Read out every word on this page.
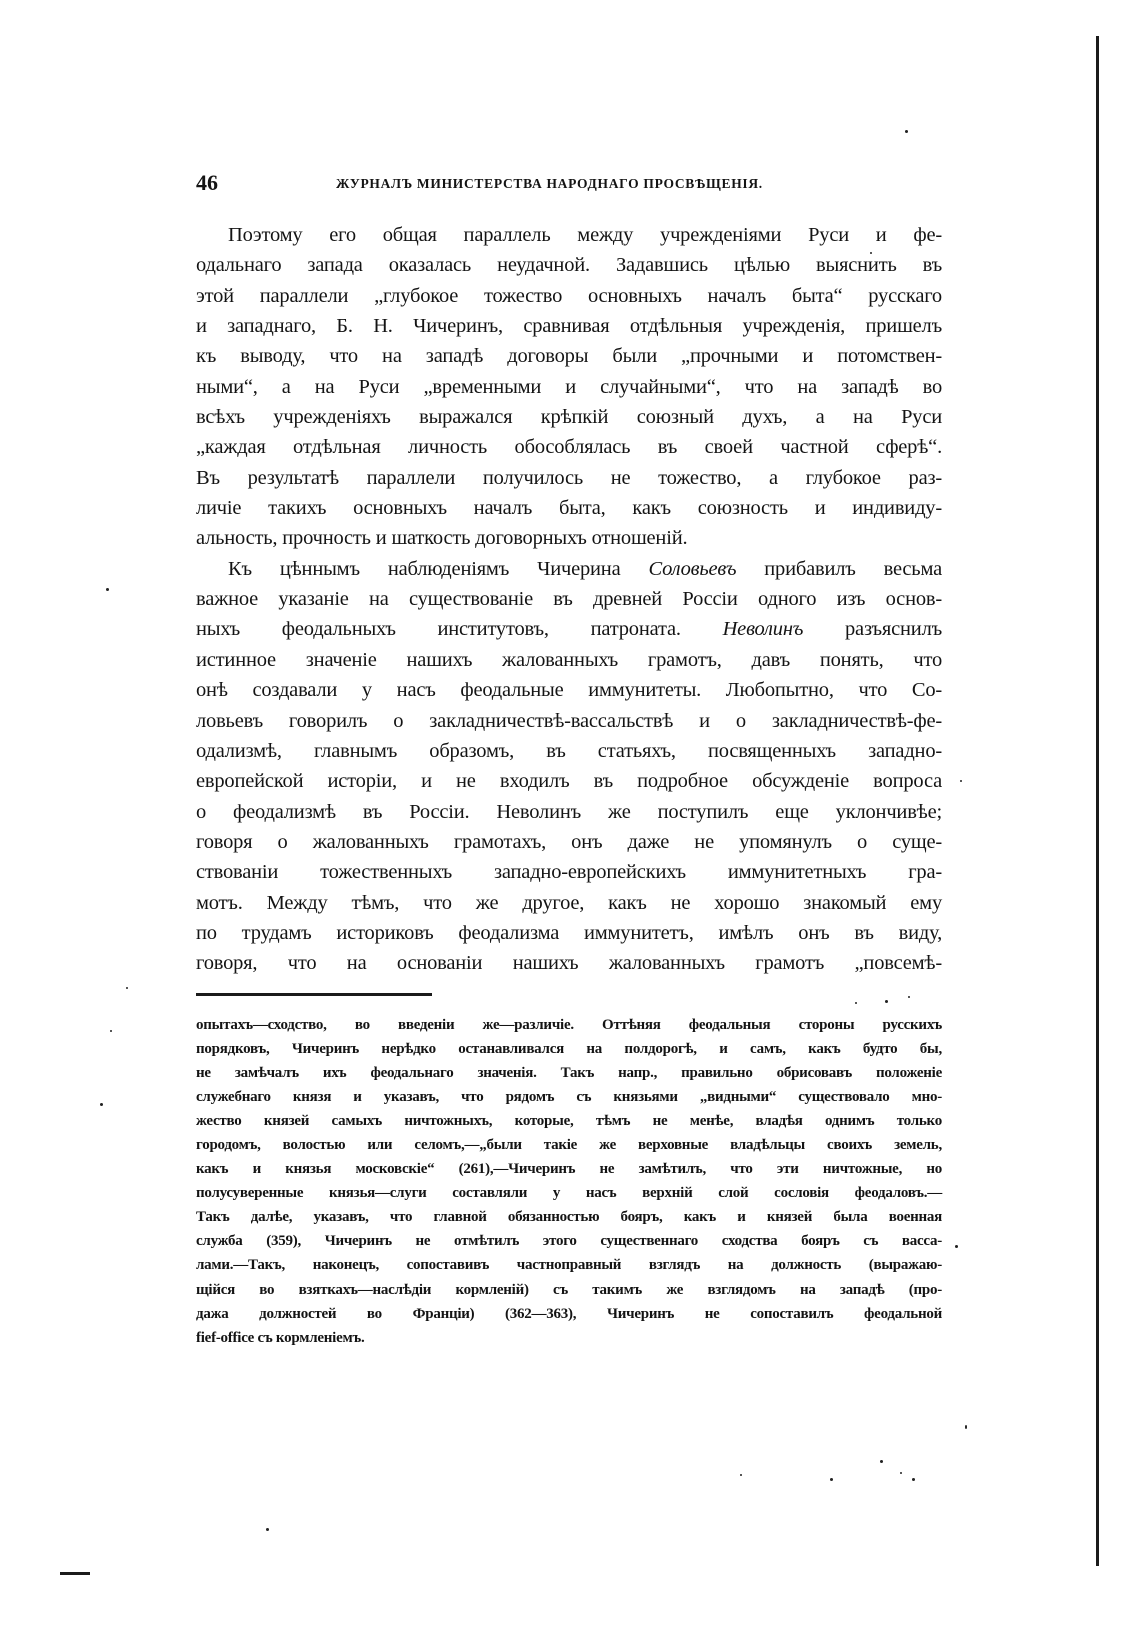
46	ЖУРНАЛЪ МИНИСТЕРСТВА НАРОДНАГО ПРОСВѢЩЕНІЯ.
Поэтому его общая параллель между учрежденіями Руси и фе-
одальнаго запада оказалась неудачной. Задавшись цѣлью выяснить въ
этой параллели „глубокое тожество основныхъ началъ быта“ русскаго
и западнаго, Б. Н. Чичеринъ, сравнивая отдѣльныя учрежденія, пришелъ
къ выводу, что на западѣ договоры были „прочными и потомствен-
ными“, а на Руси „временными и случайными“, что на западѣ во
всѣхъ учрежденіяхъ выражался крѣпкій союзный духъ, а на Руси
„каждая отдѣльная личность обособлялась въ своей частной сферѣ“.
Въ результатѣ параллели получилось не тожество, а глубокое раз-
личіе такихъ основныхъ началъ быта, какъ союзность и индивиду-
альность, прочность и шаткость договорныхъ отношеній.
Къ цѣннымъ наблюденіямъ Чичерина Соловьевъ прибавилъ весьма
важное указаніе на существованіе въ древней Россіи одного изъ основ-
ныхъ феодальныхъ институтовъ, патроната. Неволинъ разъяснилъ
истинное значеніе нашихъ жалованныхъ грамотъ, давъ понять, что
онѣ создавали у насъ феодальные иммунитеты. Любопытно, что Со-
ловьевъ говорилъ о закладничествѣ-вассальствѣ и о закладничествѣ-фе-
одализмѣ, главнымъ образомъ, въ статьяхъ, посвященныхъ западно-
европейской исторіи, и не входилъ въ подробное обсужденіе вопроса
о феодализмѣ въ Россіи. Неволинъ же поступилъ еще уклончивѣе;
говоря о жалованныхъ грамотахъ, онъ даже не упомянулъ о суще-
ствованіи тожественныхъ западно-европейскихъ иммунитетныхъ гра-
мотъ. Между тѣмъ, что же другое, какъ не хорошо знакомый ему
по трудамъ историковъ феодализма иммунитетъ, имѣлъ онъ въ виду,
говоря, что на основаніи нашихъ жалованныхъ грамотъ „повсемѣ-
опытахъ—сходство, во введеніи же—различіе. Оттѣняя феодальныя стороны русскихъ
порядковъ, Чичеринъ нерѣдко останавливался на полдорогѣ, и самъ, какъ будто бы,
не замѣчалъ ихъ феодальнаго значенія. Такъ напр., правильно обрисовавъ положеніе
служебнаго князя и указавъ, что рядомъ съ князьями „видными“ существовало мно-
жество князей самыхъ ничтожныхъ, которые, тѣмъ не менѣе, владѣя однимъ только
городомъ, волостью или селомъ,—„были такіе же верховные владѣльцы своихъ земель,
какъ и князья московскіе“ (261),—Чичеринъ не замѣтилъ, что эти ничтожные, но
полусуверенные князья—слуги составляли у насъ верхній слой сословія феодаловъ.—
Такъ далѣе, указавъ, что главной обязанностью бояръ, какъ и князей была военная
служба (359), Чичеринъ не отмѣтилъ этого существеннаго сходства бояръ съ васса-
лами.—Такъ, наконецъ, сопоставивъ частноправный взглядъ на должность (выражаю-
щійся во взяткахъ—наслѣдіи кормленій) съ такимъ же взглядомъ на западѣ (про-
дажа должностей во Франціи) (362—363), Чичеринъ не сопоставилъ феодальной
fief-office съ кормленіемъ.
